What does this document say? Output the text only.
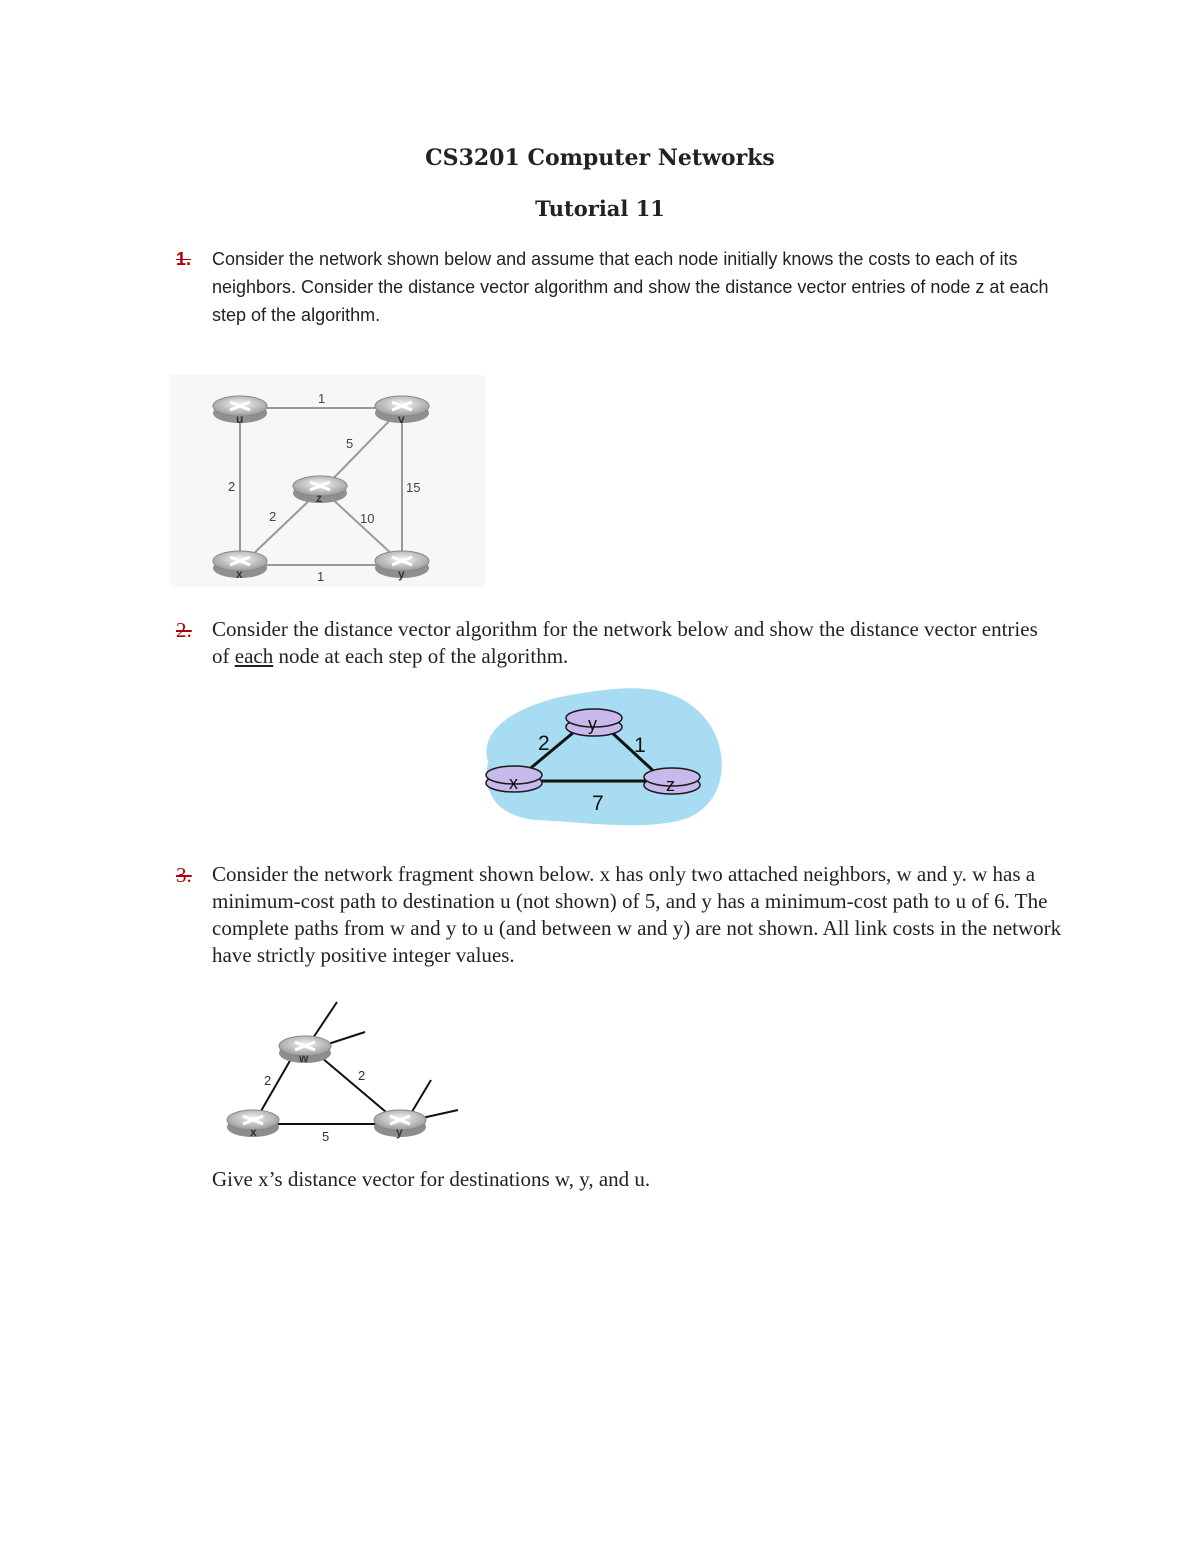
CS3201 Computer Networks
Tutorial 11
1. Consider the network shown below and assume that each node initially knows the costs to each of its neighbors. Consider the distance vector algorithm and show the distance vector entries of node z at each step of the algorithm.
1
5
2	15
2	10
1
u	v
z
x	y
2. Consider the distance vector algorithm for the network below and show the distance vector entries of each node at each step of the algorithm.
2	1
7
y
x	z
3. Consider the network fragment shown below. x has only two attached neighbors, w and y. w has a minimum-cost path to destination u (not shown) of 5, and y has a minimum-cost path to u of 6. The complete paths from w and y to u (and between w and y) are not shown. All link costs in the network have strictly positive integer values.
2	2
5
w
x	y
Give x’s distance vector for destinations w, y, and u.
